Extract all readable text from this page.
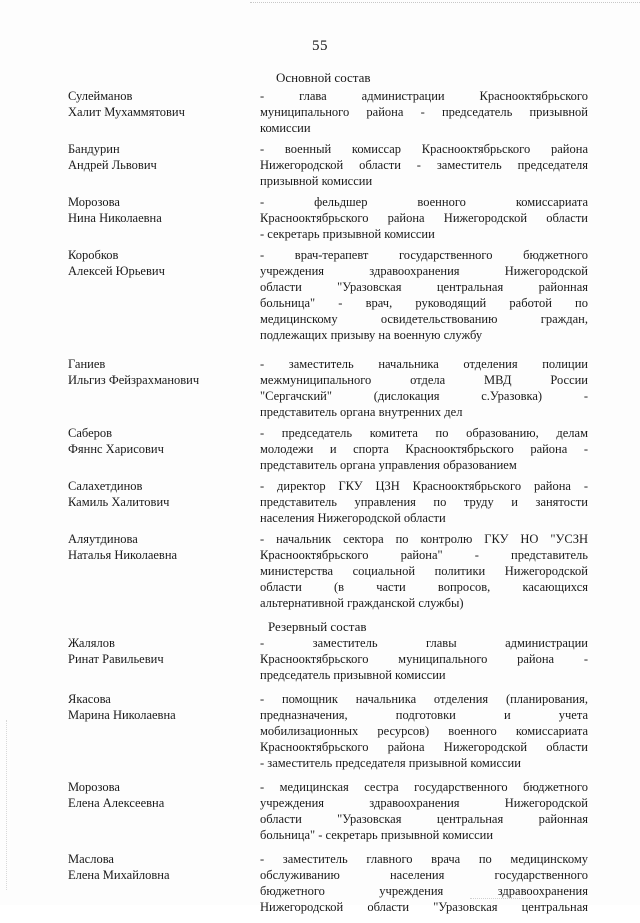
55
Основной состав
Сулейманов
Халит Мухаммятович
- глава администрации Краснооктябрьского
муниципального района - председатель призывной
комиссии
Бандурин
Андрей Львович
- военный комиссар Краснооктябрьского района
Нижегородской области - заместитель председателя
призывной комиссии
Морозова
Нина Николаевна
- фельдшер военного комиссариата
Краснооктябрьского района Нижегородской области
- секретарь призывной комиссии
Коробков
Алексей Юрьевич
- врач-терапевт государственного бюджетного
учреждения здравоохранения Нижегородской
области "Уразовская центральная районная
больница" - врач, руководящий работой по
медицинскому освидетельствованию граждан,
подлежащих призыву на военную службу
Ганиев
Ильгиз Фейзрахманович
- заместитель начальника отделения полиции
межмуниципального отдела МВД России
"Сергачский" (дислокация с.Уразовка) -
представитель органа внутренних дел
Саберов
Фяннс Харисович
- председатель комитета по образованию, делам
молодежи и спорта Краснооктябрьского района -
представитель органа управления образованием
Салахетдинов
Камиль Халитович
- директор ГКУ ЦЗН Краснооктябрьского района -
представитель управления по труду и занятости
населения Нижегородской области
Аляутдинова
Наталья Николаевна
- начальник сектора по контролю ГКУ НО "УСЗН
Краснооктябрьского района" - представитель
министерства социальной политики Нижегородской
области (в части вопросов, касающихся
альтернативной гражданской службы)
Резервный состав
Жалялов
Ринат Равильевич
- заместитель главы администрации
Краснооктябрьского муниципального района -
председатель призывной комиссии
Якасова
Марина Николаевна
- помощник начальника отделения (планирования,
предназначения, подготовки и учета
мобилизационных ресурсов) военного комиссариата
Краснооктябрьского района Нижегородской области
- заместитель председателя призывной комиссии
Морозова
Елена Алексеевна
- медицинская сестра государственного бюджетного
учреждения здравоохранения Нижегородской
области "Уразовская центральная районная
больница" - секретарь призывной комиссии
Маслова
Елена Михайловна
- заместитель главного врача по медицинскому
обслуживанию населения государственного
бюджетного учреждения здравоохранения
Нижегородской области "Уразовская центральная
